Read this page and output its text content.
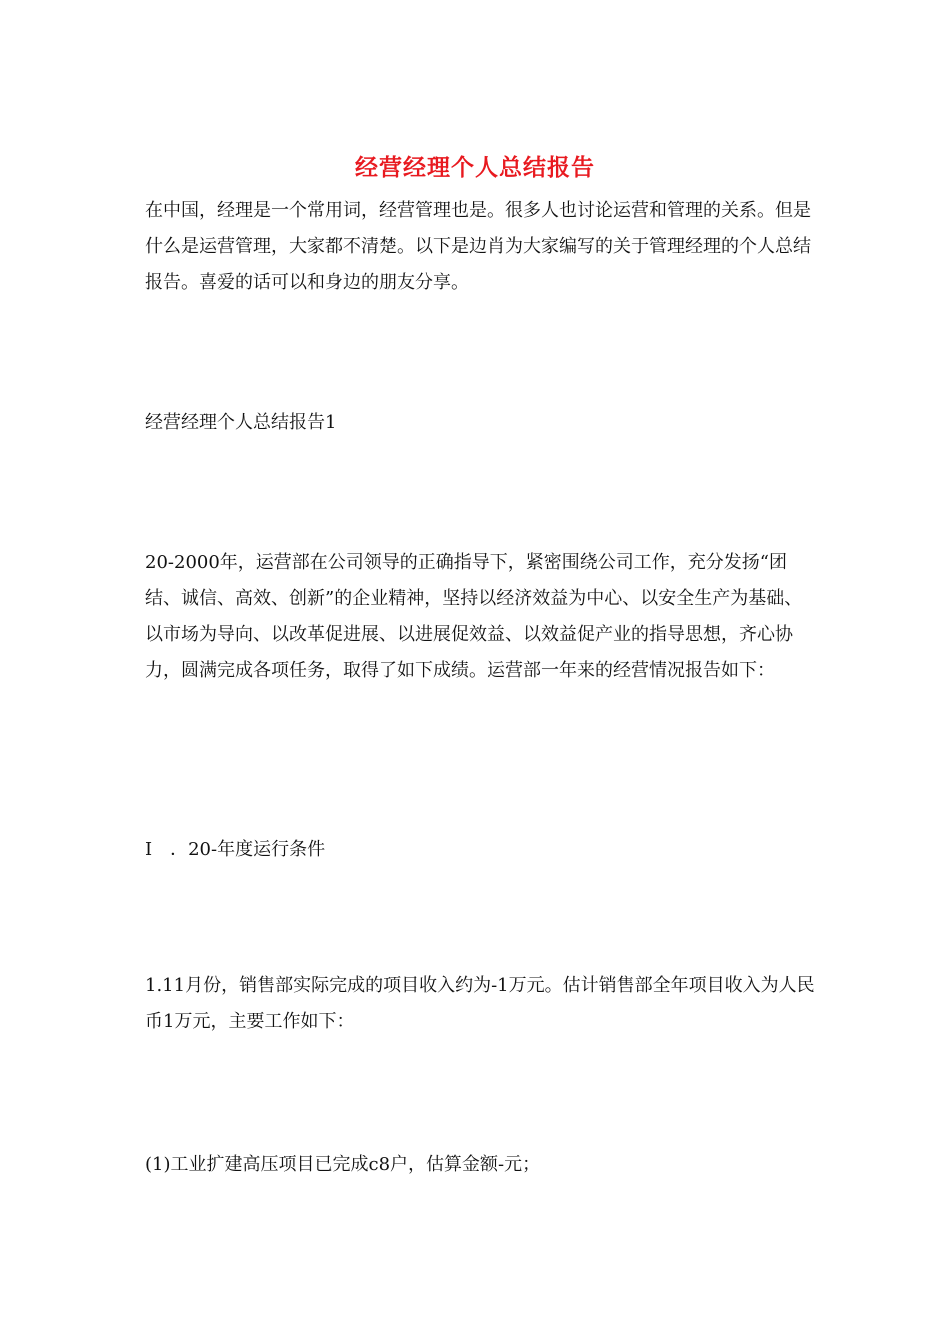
经营经理个人总结报告

在中国，经理是一个常用词，经营管理也是。很多人也讨论运营和管理的关系。但是什么是运营管理，大家都不清楚。以下是边肖为大家编写的关于管理经理的个人总结报告。喜爱的话可以和身边的朋友分享。

经营经理个人总结报告1

20-2000年，运营部在公司领导的正确指导下，紧密围绕公司工作，充分发扬“团结、诚信、高效、创新”的企业精神，坚持以经济效益为中心、以安全生产为基础、以市场为导向、以改革促进展、以进展促效益、以效益促产业的指导思想，齐心协力，圆满完成各项任务，取得了如下成绩。运营部一年来的经营情况报告如下：

I　．20-年度运行条件

1.11月份，销售部实际完成的项目收入约为-1万元。估计销售部全年项目收入为人民币1万元，主要工作如下：

(1)工业扩建高压项目已完成c8户，估算金额-元；
